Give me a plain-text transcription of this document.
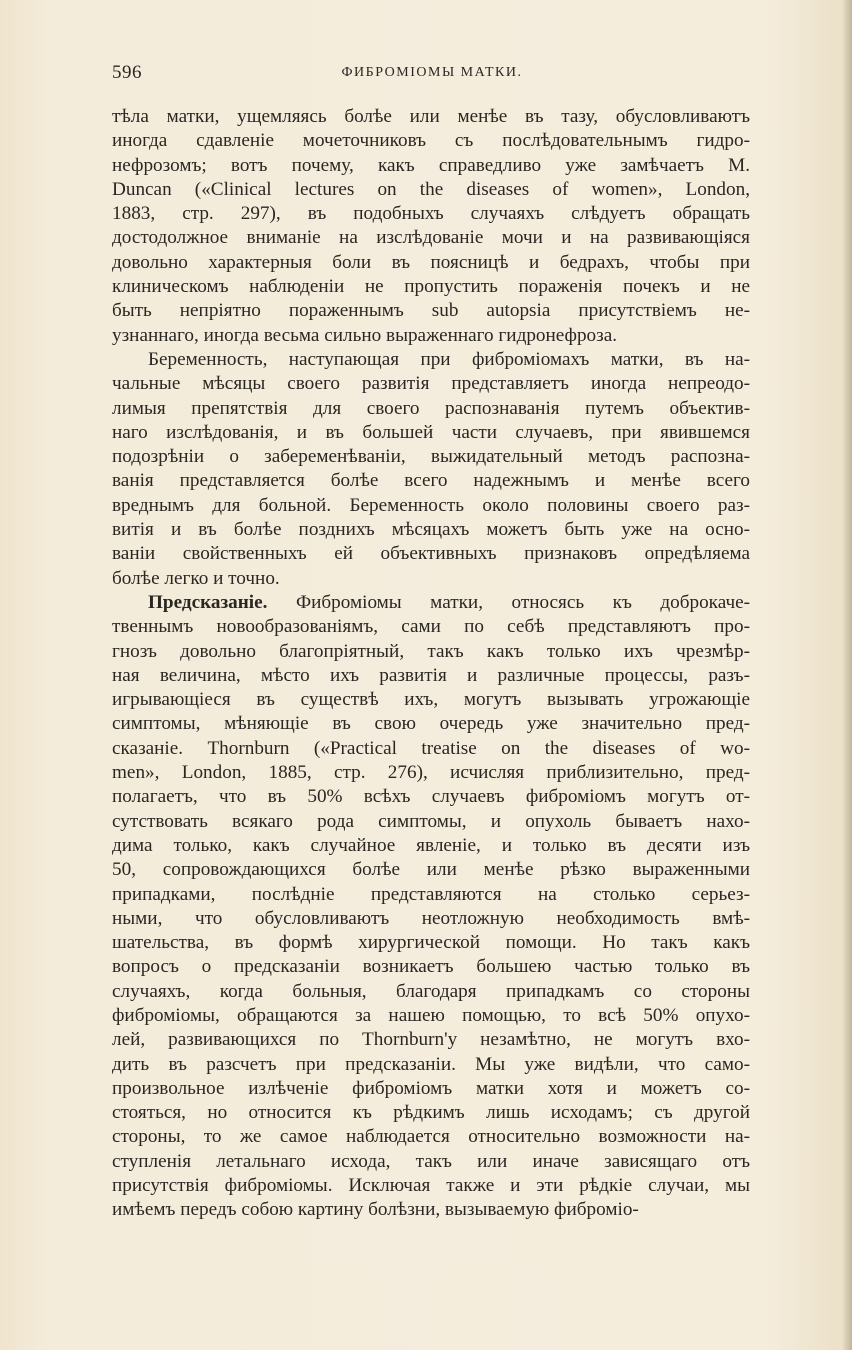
596	ФИБРОМІОМЫ МАТКИ.
тѣла матки, ущемляясь болѣе или менѣе въ тазу, обусловливаютъ
иногда сдавленіе мочеточниковъ съ послѣдовательнымъ гидро-
нефрозомъ; вотъ почему, какъ справедливо уже замѣчаетъ M.
Duncan («Clinical lectures on the diseases of women», London,
1883, стр. 297), въ подобныхъ случаяхъ слѣдуетъ обращать
достодолжное вниманіе на изслѣдованіе мочи и на развивающіяся
довольно характерныя боли въ поясницѣ и бедрахъ, чтобы при
клиническомъ наблюденіи не пропустить пораженія почекъ и не
быть непріятно пораженнымъ sub autopsia присутствіемъ не-
узнаннаго, иногда весьма сильно выраженнаго гидронефроза.
Беременность, наступающая при фиброміомахъ матки, въ на-
чальные мѣсяцы своего развитія представляетъ иногда непреодо-
лимыя препятствія для своего распознаванія путемъ объектив-
наго изслѣдованія, и въ большей части случаевъ, при явившемся
подозрѣніи о забеременѣваніи, выжидательный методъ распозна-
ванія представляется болѣе всего надежнымъ и менѣе всего
вреднымъ для больной. Беременность около половины своего раз-
витія и въ болѣе позднихъ мѣсяцахъ можетъ быть уже на осно-
ваніи свойственныхъ ей объективныхъ признаковъ опредѣляема
болѣе легко и точно.
Предсказаніе. Фиброміомы матки, относясь къ доброкаче-
твеннымъ новообразованіямъ, сами по себѣ представляютъ про-
гнозъ довольно благопріятный, такъ какъ только ихъ чрезмѣр-
ная величина, мѣсто ихъ развитія и различные процессы, разъ-
игрывающіеся въ существѣ ихъ, могутъ вызывать угрожающіе
симптомы, мѣняющіе въ свою очередь уже значительно пред-
сказаніе. Thornburn («Practical treatise on the diseases of wo-
men», London, 1885, стр. 276), исчисляя приблизительно, пред-
полагаетъ, что въ 50% всѣхъ случаевъ фиброміомъ могутъ от-
сутствовать всякаго рода симптомы, и опухоль бываетъ нахо-
дима только, какъ случайное явленіе, и только въ десяти изъ
50, сопровождающихся болѣе или менѣе рѣзко выраженными
припадками, послѣдніе представляются на столько серьез-
ными, что обусловливаютъ неотложную необходимость вмѣ-
шательства, въ формѣ хирургической помощи. Но такъ какъ
вопросъ о предсказаніи возникаетъ большею частью только въ
случаяхъ, когда больныя, благодаря припадкамъ со стороны
фиброміомы, обращаются за нашею помощью, то всѣ 50% опухо-
лей, развивающихся по Thornburn'у незамѣтно, не могутъ вхо-
дить въ разсчетъ при предсказаніи. Мы уже видѣли, что само-
произвольное излѣченіе фиброміомъ матки хотя и можетъ со-
стояться, но относится къ рѣдкимъ лишь исходамъ; съ другой
стороны, то же самое наблюдается относительно возможности на-
ступленія летальнаго исхода, такъ или иначе зависящаго отъ
присутствія фиброміомы. Исключая также и эти рѣдкіе случаи, мы
имѣемъ передъ собою картину болѣзни, вызываемую фиброміо-
